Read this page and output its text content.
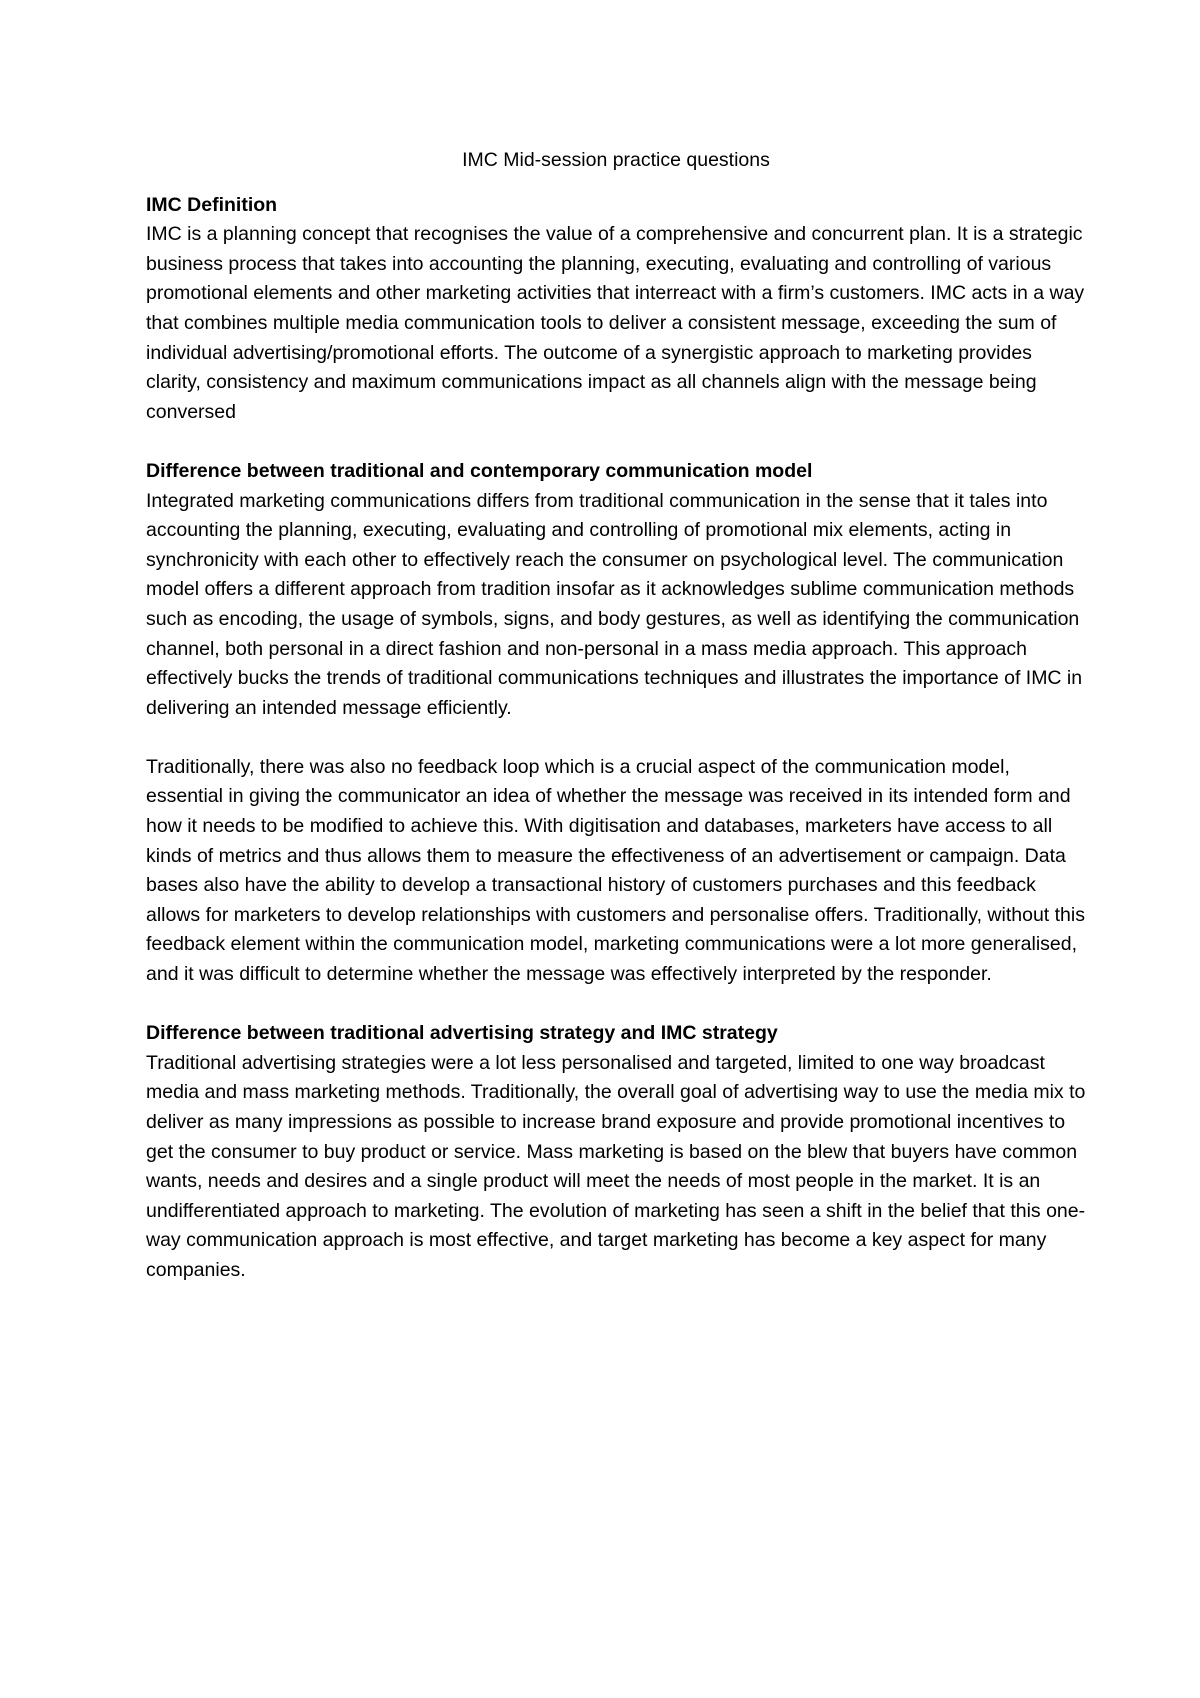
IMC Mid-session practice questions
IMC Definition

IMC is a planning concept that recognises the value of a comprehensive and concurrent plan. It is a strategic business process that takes into accounting the planning, executing, evaluating and controlling of various promotional elements and other marketing activities that interreact with a firm’s customers. IMC acts in a way that combines multiple media communication tools to deliver a consistent message, exceeding the sum of individual advertising/promotional efforts. The outcome of a synergistic approach to marketing provides clarity, consistency and maximum communications impact as all channels align with the message being conversed

Difference between traditional and contemporary communication model

Integrated marketing communications differs from traditional communication in the sense that it tales into accounting the planning, executing, evaluating and controlling of promotional mix elements, acting in synchronicity with each other to effectively reach the consumer on psychological level. The communication model offers a different approach from tradition insofar as it acknowledges sublime communication methods such as encoding, the usage of symbols, signs, and body gestures, as well as identifying the communication channel, both personal in a direct fashion and non-personal in a mass media approach. This approach effectively bucks the trends of traditional communications techniques and illustrates the importance of IMC in delivering an intended message efficiently.

Traditionally, there was also no feedback loop which is a crucial aspect of the communication model, essential in giving the communicator an idea of whether the message was received in its intended form and how it needs to be modified to achieve this. With digitisation and databases, marketers have access to all kinds of metrics and thus allows them to measure the effectiveness of an advertisement or campaign. Data bases also have the ability to develop a transactional history of customers purchases and this feedback allows for marketers to develop relationships with customers and personalise offers. Traditionally, without this feedback element within the communication model, marketing communications were a lot more generalised, and it was difficult to determine whether the message was effectively interpreted by the responder.

Difference between traditional advertising strategy and IMC strategy

Traditional advertising strategies were a lot less personalised and targeted, limited to one way broadcast media and mass marketing methods. Traditionally, the overall goal of advertising way to use the media mix to deliver as many impressions as possible to increase brand exposure and provide promotional incentives to get the consumer to buy product or service. Mass marketing is based on the blew that buyers have common wants, needs and desires and a single product will meet the needs of most people in the market. It is an undifferentiated approach to marketing. The evolution of marketing has seen a shift in the belief that this one-way communication approach is most effective, and target marketing has become a key aspect for many companies.
